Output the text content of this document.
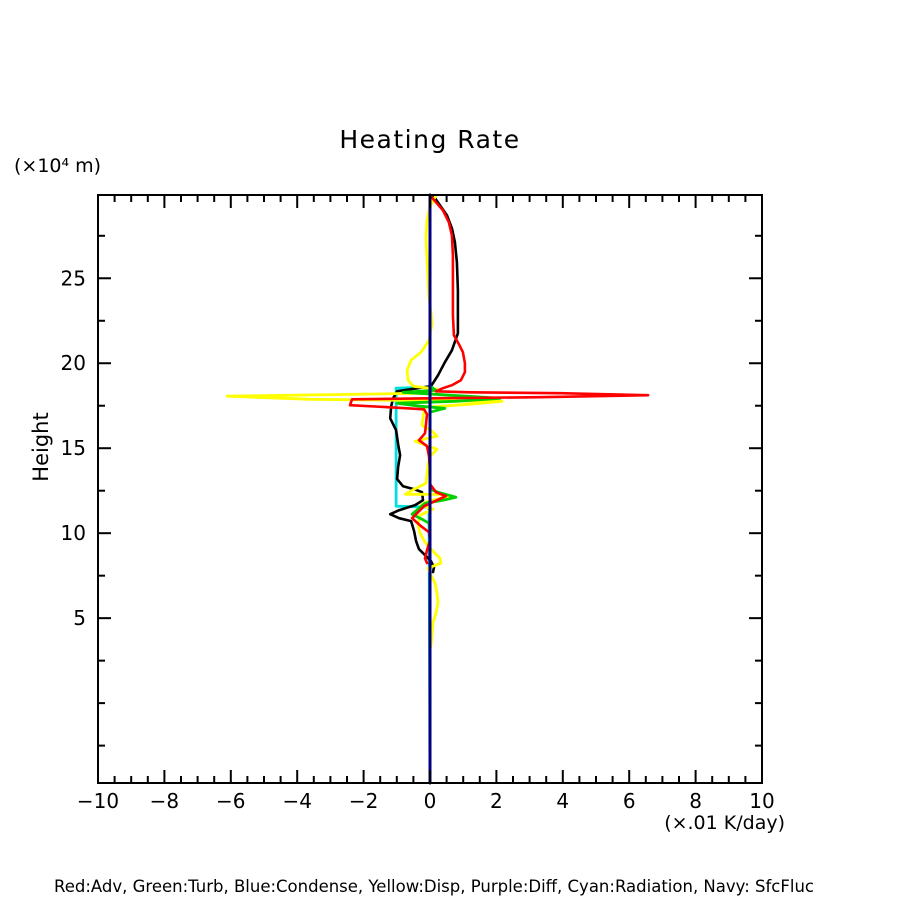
Heating Rate
(×10⁴ m)
Height
(×.01 K/day)
Red:Adv, Green:Turb, Blue:Condense, Yellow:Disp, Purple:Diff, Cyan:Radiation, Navy: SfcFluc
−10 −8 −6 −4 −2 0	2	4	6	8 10
5
10
15
20
25
